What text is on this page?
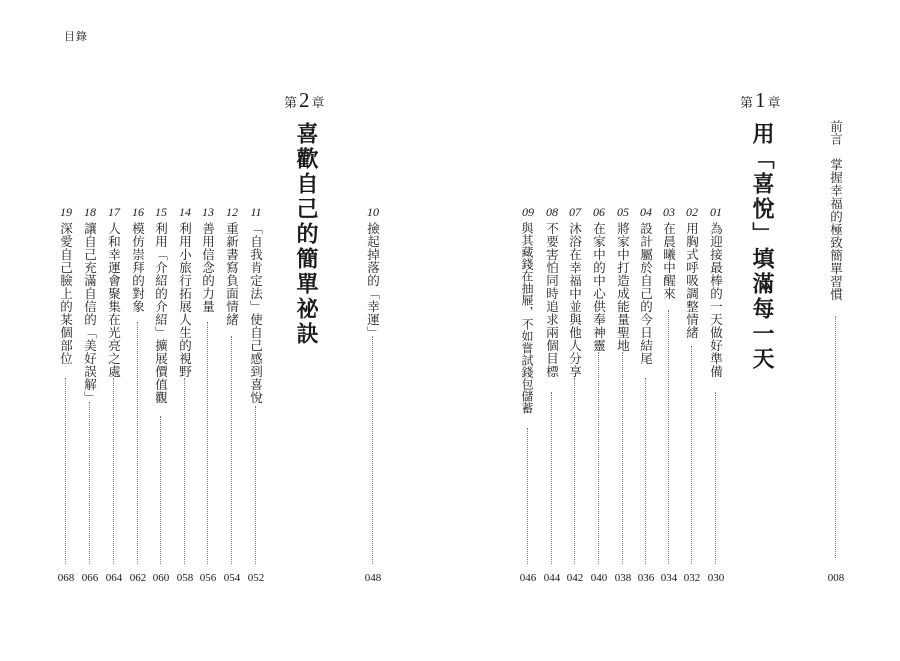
目錄
前言
掌握幸福的極致簡單習慣
008
第1 章
用「喜悅」填滿每一天
01
為迎接最棒的一天做好準備
030
02
用胸式呼吸調整情緒
032
03
在晨曦中醒來
034
04
設計屬於自己的今日結尾
036
05
將家中打造成能量聖地
038
06
在家中的中心供奉神靈
040
07
沐浴在幸福中並與他人分享
042
08
不要害怕同時追求兩個目標
044
09
與其藏錢在抽屜，不如嘗試錢包儲蓄
046
10
撿起掉落的「幸運」
048
第2 章
喜歡自己的簡單祕訣
11
「自我肯定法」使自己感到喜悅
052
12
重新書寫負面情緒
054
13
善用信念的力量
056
14
利用小旅行拓展人生的視野
058
15
利用「介紹的介紹」擴展價值觀
060
16
模仿崇拜的對象
062
17
人和幸運會聚集在光亮之處
064
18
讓自己充滿自信的「美好誤解」
066
19
深愛自己臉上的某個部位
068
